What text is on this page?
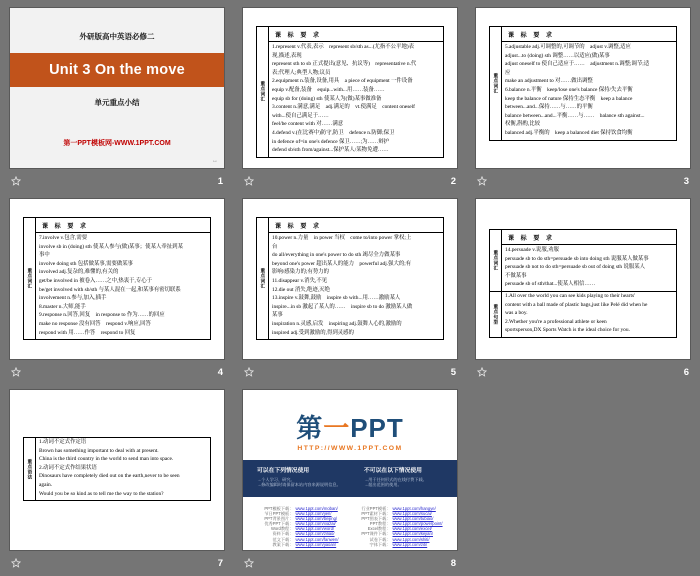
外研版高中英语必修二
Unit 3 On the move
单元重点小结
第一PPT模板网-WWW.1PPT.COM
↔
1
重点词汇
课 标 要 求
1.represent v.代表,表示　represent sb/sth as...(尤指不公平地)表
现,描述,表现
represent sth to sb 正式提出(意见、抗议等)　representative n.代
表;代理人;典型人物;议员
2.equipment n.装备,设备,用具　a piece of equipment 一件设备
equip v.配备,装备　equip...with...用……装备……
equip sb for (doing) sth 使某人为(做)某事做准备
3.content n.满意,满足　adj.满足的　vt.使满足　content oneself
with...使自己满足于……
feel/be content with 对……满意
4.defend v.(在比赛中)防守,防卫　defence n.防御;保卫
in defence of=in one's defence 保卫……;为……辩护
defend sb/sth from/against...保护某人/某物免遭……
2
重点词汇
课 标 要 求
5.adjustable adj.可调整的,可调节的　adjust v.调整,适应
adjust...to (doing) sth 调整……以适应(做)某事
adjust oneself to 使自己适应于……　adjustment n.调整;调节;适
应
make an adjustment to 对……做出调整
6.balance n.平衡　keep/lose one's balance 保持/失去平衡
keep the balance of nature 保持生态平衡　keep a balance
between...and...保持……与……的平衡
balance between...and...平衡……与……　balance sth against...
权衡,斟酌,比较
balanced adj.平衡的　keep a balanced diet 保持饮食均衡
3
重点词汇
课 标 要 求
7.involve v.包含,需要
involve sb in (doing) sth 使某人参与(做)某事；使某人牵扯到某
事中
involve doing sth 包括做某事,需要做某事
involved adj.复杂的,难懂的,有关的
get/be involved in 被卷入……之中,热衷于,专心于
be/get involved with sb/sth 与某人混在一起,和某事有密切联系
involvement n.参与,加入,插手
8.master n.大师,能手
9.response n.回答,回复　in response to 作为……的回应
make no response 没有回答　respond v.响应,回答
respond with 用……作答　respond to 回复
4
重点词汇
课 标 要 求
10.power n.力量　in power 当权　come to/into power 掌权;上
台
do all/everything in one's power to do sth 竭尽全力做某事
beyond one's power 超出某人的能力　powerful adj.强大的;有
影响/感染力的;有势力的
11.disappear v.消失,不见
12.die out 消失,绝迹,灭绝
13.inspire v.鼓舞,鼓励　inspire sb with...用……激励某人
inspire...in sb 激起了某人的……　inspire sb to do 激励某人做
某事
inspiration n.灵感,启发　inspiring adj.鼓舞人心的,激励的
inspired adj.受到激励的,得到灵感的
5
重点词汇
课 标 要 求
14.persuade v.说服,劝服
persuade sb to do sth=persuade sb into doing sth 说服某人做某事
persuade sb not to do sth=persuade sb out of doing sth 说服某人
不做某事
persuade sb of sth/that...使某人相信……
重点句型
1.All over the world you can see kids playing to their hearts'
content with a ball made of plastic bags,just like Pelé did when he
was a boy.
2.Whether you're a professional athlete or keen
sportsperson,DX Sports Watch is the ideal choice for you.
6
重点语法
1.动词不定式作定语
Brown has something important to deal with at present.
China is the third country in the world to send man into space.
2.动词不定式作结果状语
Dinosaurs have completely died out on the earth,never to be seen
again.
Would you be so kind as to tell me the way to the station?
7
第一PPT
HTTP://WWW.1PPT.COM
可以在下列情况使用
→个人学习、研究。
→修改编辑时请保留本站内容来源说明信息。
不可以在以下情况使用
→用于任何形式的在线付费下载。
→超出范围的使用。
PPT模板下载： www.1ppt.com/moban/
节日PPT模板： www.1ppt.com/jieri/
PPT背景图片： www.1ppt.com/beijing/
优秀PPT下载： www.1ppt.com/xiazai/
Word教程： www.1ppt.com/word/
资料下载： www.1ppt.com/ziliao/
范文下载： www.1ppt.com/fanwen/
教案下载： www.1ppt.com/jiaoan/
行业PPT模板： www.1ppt.com/hangye/
PPT素材下载： www.1ppt.com/sucai/
PPT图表下载： www.1ppt.com/tubiao/
PPT教程： www.1ppt.com/powerpoint/
Excel教程： www.1ppt.com/excel/
PPT课件下载： www.1ppt.com/kejian/
试卷下载： www.1ppt.com/shiti/
字体下载： www.1ppt.com/ziti/
8
